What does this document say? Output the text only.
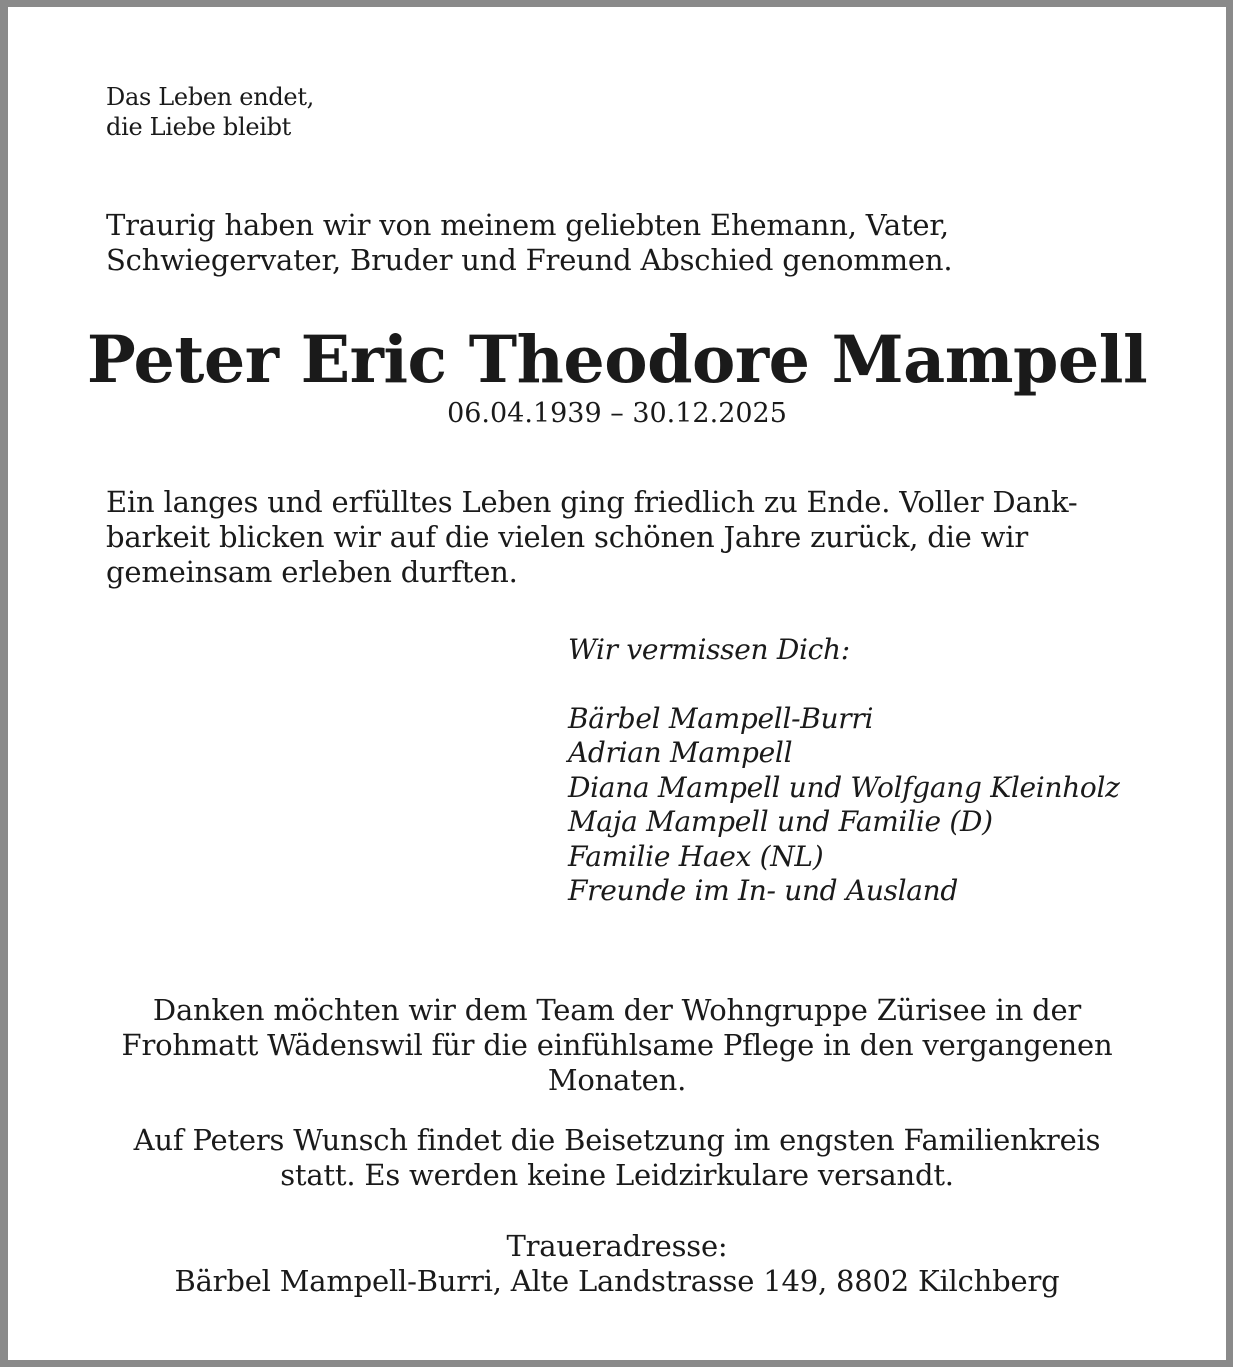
Das Leben endet,
die Liebe bleibt
Traurig haben wir von meinem geliebten Ehemann, Vater,
Schwiegervater, Bruder und Freund Abschied genommen.
Peter Eric Theodore Mampell
06.04.1939 – 30.12.2025
Ein langes und erfülltes Leben ging friedlich zu Ende. Voller Dank-
barkeit blicken wir auf die vielen schönen Jahre zurück, die wir
gemeinsam erleben durften.
Wir vermissen Dich:
Bärbel Mampell-Burri
Adrian Mampell
Diana Mampell und Wolfgang Kleinholz
Maja Mampell und Familie (D)
Familie Haex (NL)
Freunde im In- und Ausland
Danken möchten wir dem Team der Wohngruppe Zürisee in der
Frohmatt Wädenswil für die einfühlsame Pflege in den vergangenen
Monaten.
Auf Peters Wunsch findet die Beisetzung im engsten Familienkreis
statt. Es werden keine Leidzirkulare versandt.
Traueradresse:
Bärbel Mampell-Burri, Alte Landstrasse 149, 8802 Kilchberg
